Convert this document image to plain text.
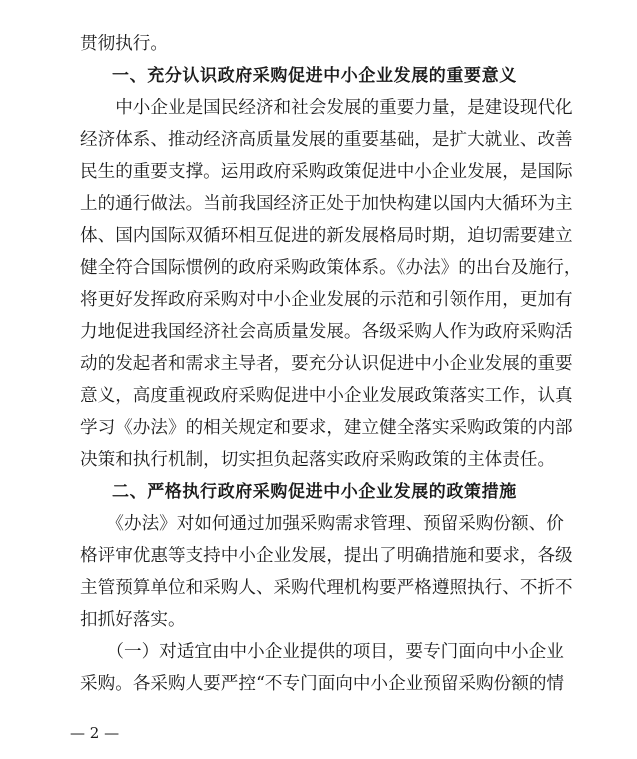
贯彻执行。
一、充分认识政府采购促进中小企业发展的重要意义
　　中小企业是国民经济和社会发展的重要力量，是建设现代化
经济体系、推动经济高质量发展的重要基础，是扩大就业、改善
民生的重要支撑。运用政府采购政策促进中小企业发展，是国际
上的通行做法。当前我国经济正处于加快构建以国内大循环为主
体、国内国际双循环相互促进的新发展格局时期，迫切需要建立
健全符合国际惯例的政府采购政策体系。《办法》的出台及施行，
将更好发挥政府采购对中小企业发展的示范和引领作用，更加有
力地促进我国经济社会高质量发展。各级采购人作为政府采购活
动的发起者和需求主导者，要充分认识促进中小企业发展的重要
意义，高度重视政府采购促进中小企业发展政策落实工作，认真
学习《办法》的相关规定和要求，建立健全落实采购政策的内部
决策和执行机制，切实担负起落实政府采购政策的主体责任。
二、严格执行政府采购促进中小企业发展的政策措施
　　《办法》对如何通过加强采购需求管理、预留采购份额、价
格评审优惠等支持中小企业发展，提出了明确措施和要求，各级
主管预算单位和采购人、采购代理机构要严格遵照执行、不折不
扣抓好落实。
　　（一）对适宜由中小企业提供的项目，要专门面向中小企业
采购。各采购人要严控“不专门面向中小企业预留采购份额的情
— 2 —
